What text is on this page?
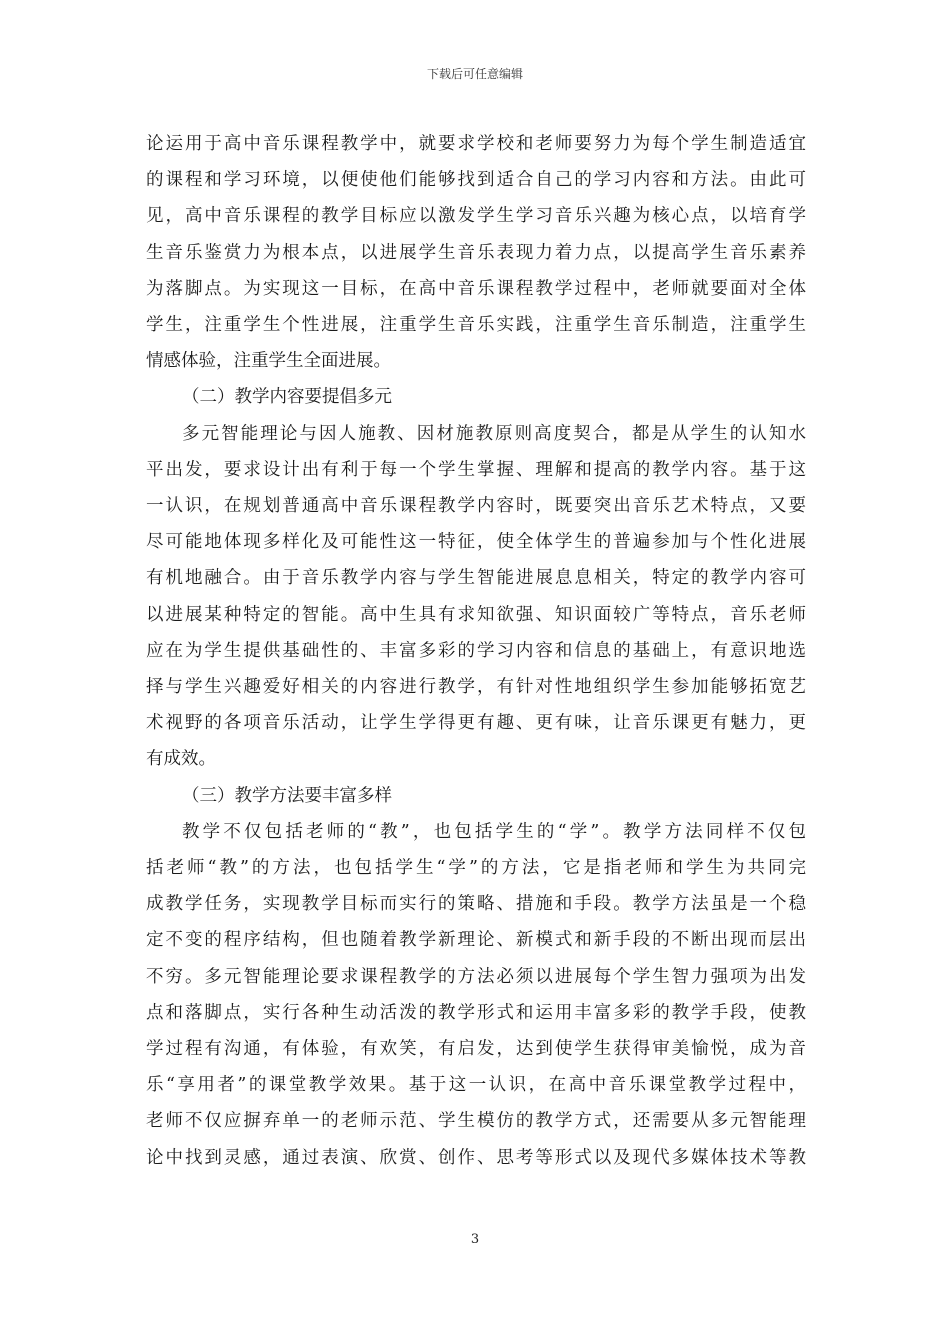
下载后可任意编辑
论运用于高中音乐课程教学中，就要求学校和老师要努力为每个学生制造适宜
的课程和学习环境，以便使他们能够找到适合自己的学习内容和方法。由此可
见，高中音乐课程的教学目标应以激发学生学习音乐兴趣为核心点，以培育学
生音乐鉴赏力为根本点，以进展学生音乐表现力着力点，以提高学生音乐素养
为落脚点。为实现这一目标，在高中音乐课程教学过程中，老师就要面对全体
学生，注重学生个性进展，注重学生音乐实践，注重学生音乐制造，注重学生
情感体验，注重学生全面进展。
（二）教学内容要提倡多元
多元智能理论与因人施教、因材施教原则高度契合，都是从学生的认知水
平出发，要求设计出有利于每一个学生掌握、理解和提高的教学内容。基于这
一认识，在规划普通高中音乐课程教学内容时，既要突出音乐艺术特点，又要
尽可能地体现多样化及可能性这一特征，使全体学生的普遍参加与个性化进展
有机地融合。由于音乐教学内容与学生智能进展息息相关，特定的教学内容可
以进展某种特定的智能。高中生具有求知欲强、知识面较广等特点，音乐老师
应在为学生提供基础性的、丰富多彩的学习内容和信息的基础上，有意识地选
择与学生兴趣爱好相关的内容进行教学，有针对性地组织学生参加能够拓宽艺
术视野的各项音乐活动，让学生学得更有趣、更有味，让音乐课更有魅力，更
有成效。
（三）教学方法要丰富多样
教学不仅包括老师的“教”，也包括学生的“学”。教学方法同样不仅包
括老师“教”的方法，也包括学生“学”的方法，它是指老师和学生为共同完
成教学任务，实现教学目标而实行的策略、措施和手段。教学方法虽是一个稳
定不变的程序结构，但也随着教学新理论、新模式和新手段的不断出现而层出
不穷。多元智能理论要求课程教学的方法必须以进展每个学生智力强项为出发
点和落脚点，实行各种生动活泼的教学形式和运用丰富多彩的教学手段，使教
学过程有沟通，有体验，有欢笑，有启发，达到使学生获得审美愉悦，成为音
乐“享用者”的课堂教学效果。基于这一认识，在高中音乐课堂教学过程中，
老师不仅应摒弃单一的老师示范、学生模仿的教学方式，还需要从多元智能理
论中找到灵感，通过表演、欣赏、创作、思考等形式以及现代多媒体技术等教
3
